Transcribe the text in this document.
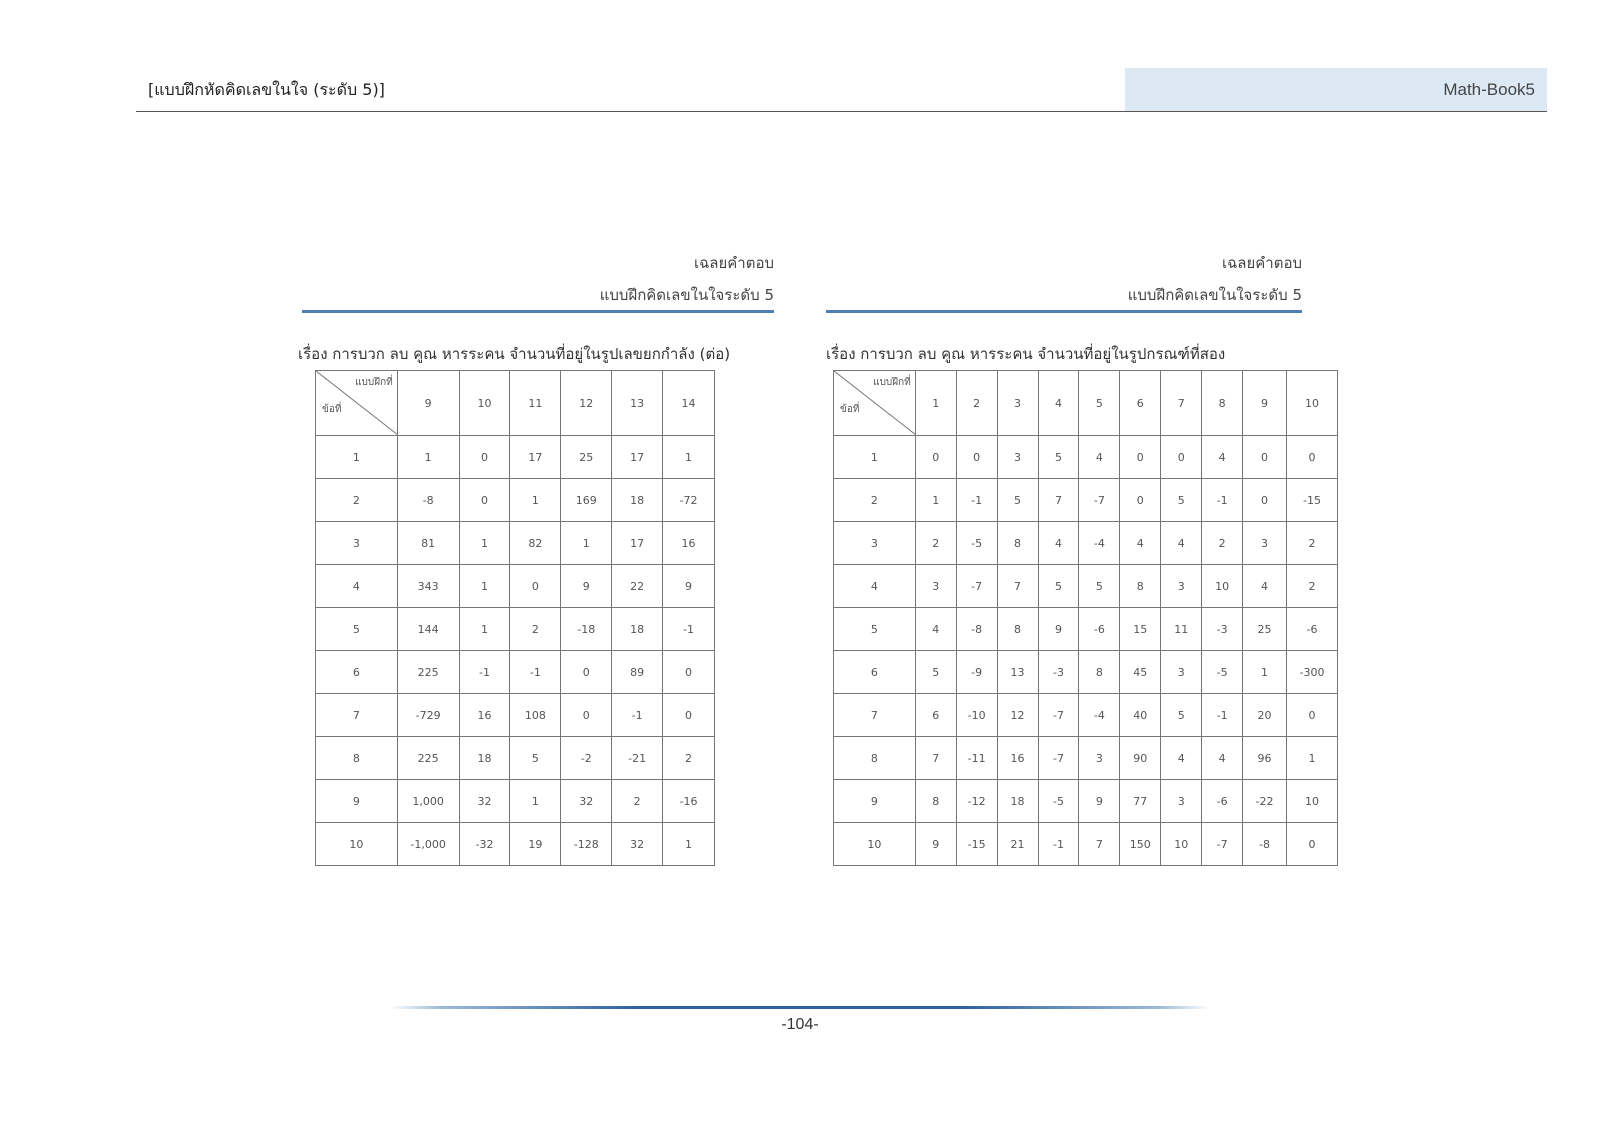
[แบบฝึกหัดคิดเลขในใจ (ระดับ 5)]	Math-Book5
เฉลยคำตอบ
แบบฝึกคิดเลขในใจระดับ 5
เรื่อง การบวก ลบ คูณ หารระคน จำนวนที่อยู่ในรูปเลขยกกำลัง (ต่อ)
แบบฝึกที่
ข้อที่	9	10	11	12	13	14
1	1	0	17	25	17	1
2	-8	0	1	169	18	-72
3	81	1	82	1	17	16
4	343	1	0	9	22	9
5	144	1	2	-18	18	-1
6	225	-1	-1	0	89	0
7	-729	16	108	0	-1	0
8	225	18	5	-2	-21	2
9	1,000	32	1	32	2	-16
10	-1,000	-32	19	-128	32	1
เฉลยคำตอบ
แบบฝึกคิดเลขในใจระดับ 5
เรื่อง การบวก ลบ คูณ หารระคน จำนวนที่อยู่ในรูปกรณฑ์ที่สอง
แบบฝึกที่
ข้อที่	1	2	3	4	5	6	7	8	9	10
1	0	0	3	5	4	0	0	4	0	0
2	1	-1	5	7	-7	0	5	-1	0	-15
3	2	-5	8	4	-4	4	4	2	3	2
4	3	-7	7	5	5	8	3	10	4	2
5	4	-8	8	9	-6	15	11	-3	25	-6
6	5	-9	13	-3	8	45	3	-5	1	-300
7	6	-10	12	-7	-4	40	5	-1	20	0
8	7	-11	16	-7	3	90	4	4	96	1
9	8	-12	18	-5	9	77	3	-6	-22	10
10	9	-15	21	-1	7	150	10	-7	-8	0
-104-
